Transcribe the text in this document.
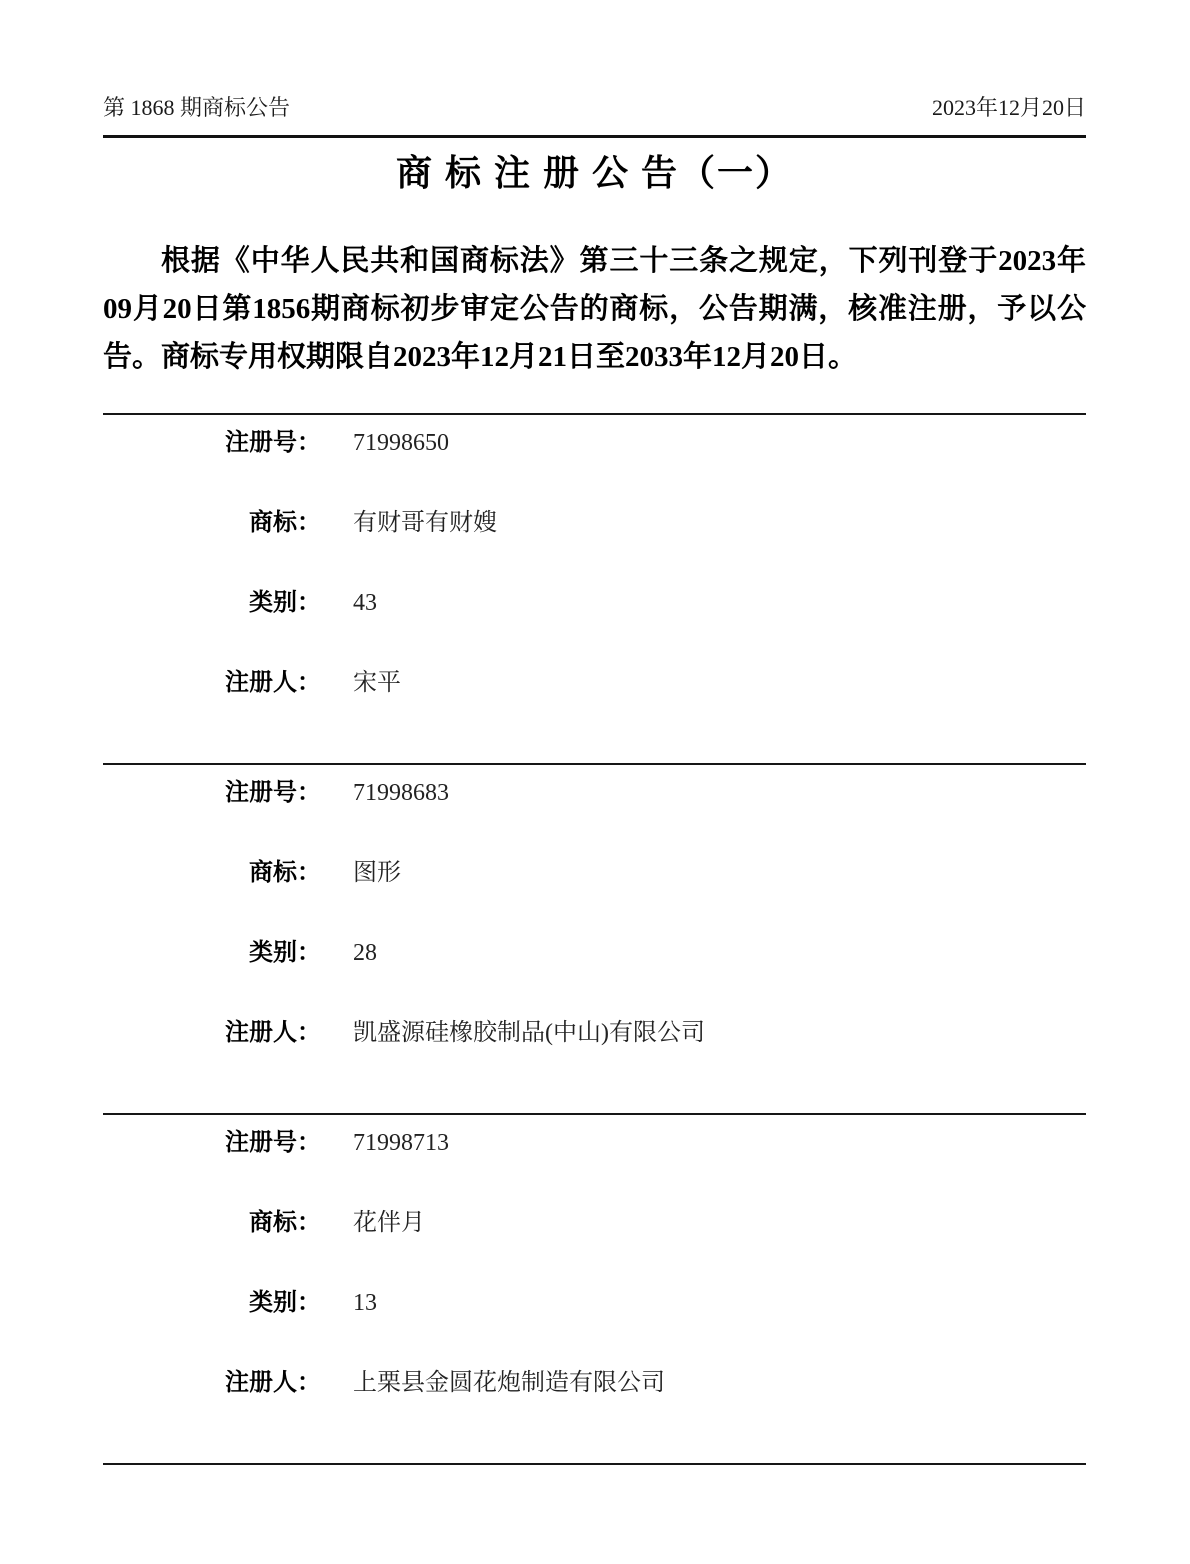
第 1868 期商标公告	2023年12月20日
商 标 注 册 公 告（一）
根据《中华人民共和国商标法》第三十三条之规定，下列刊登于2023年09月20日第1856期商标初步审定公告的商标，公告期满，核准注册，予以公告。商标专用权期限自2023年12月21日至2033年12月20日。
注册号： 71998650
商标： 有财哥有财嫂
类别： 43
注册人： 宋平
注册号： 71998683
商标： 图形
类别： 28
注册人： 凯盛源硅橡胶制品(中山)有限公司
注册号： 71998713
商标： 花伴月
类别： 13
注册人： 上栗县金圆花炮制造有限公司
